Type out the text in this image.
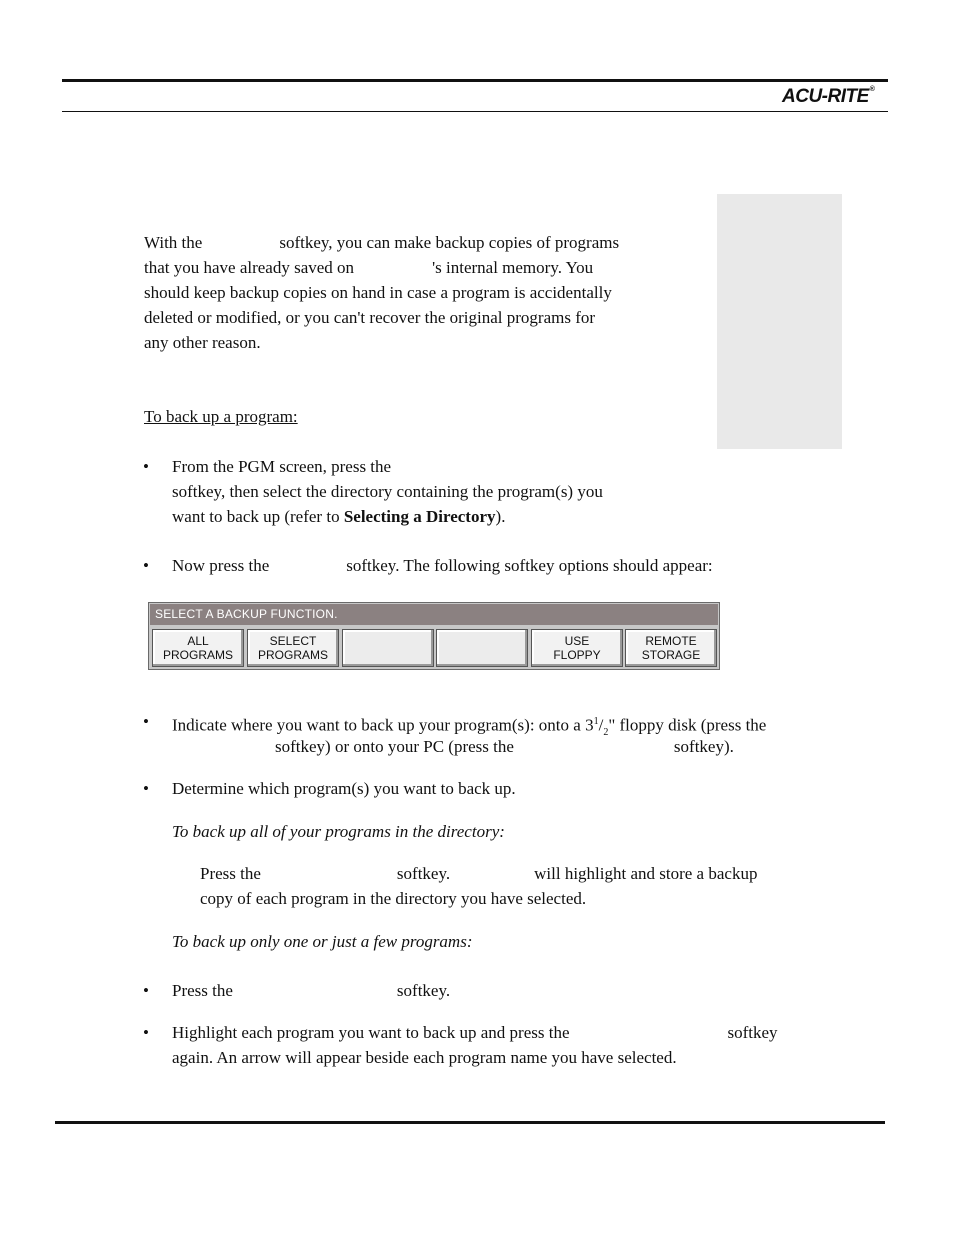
ACU-RITE®

With the	softkey, you can make backup copies of programs

that you have already saved on	's internal memory. You

should keep backup copies on hand in case a program is accidentally

deleted or modified, or you can't recover the original programs for

any other reason.

To back up a program:

• From the PGM screen, press the

softkey, then select the directory containing the program(s) you

want to back up (refer to Selecting a Directory).

• Now press the	softkey. The following softkey options should appear:

SELECT A BACKUP FUNCTION.
ALL
PROGRAMS
SELECT
PROGRAMS
USE
FLOPPY
REMOTE
STORAGE
• Indicate where you want to back up your program(s): onto a $3^1/_2$" floppy disk (press the

softkey) or onto your PC (press the	softkey).

• Determine which program(s) you want to back up.

To back up all of your programs in the directory:

Press the	softkey.	will highlight and store a backup

copy of each program in the directory you have selected.

To back up only one or just a few programs:

• Press the	softkey.

• Highlight each program you want to back up and press the	softkey

again. An arrow will appear beside each program name you have selected.
